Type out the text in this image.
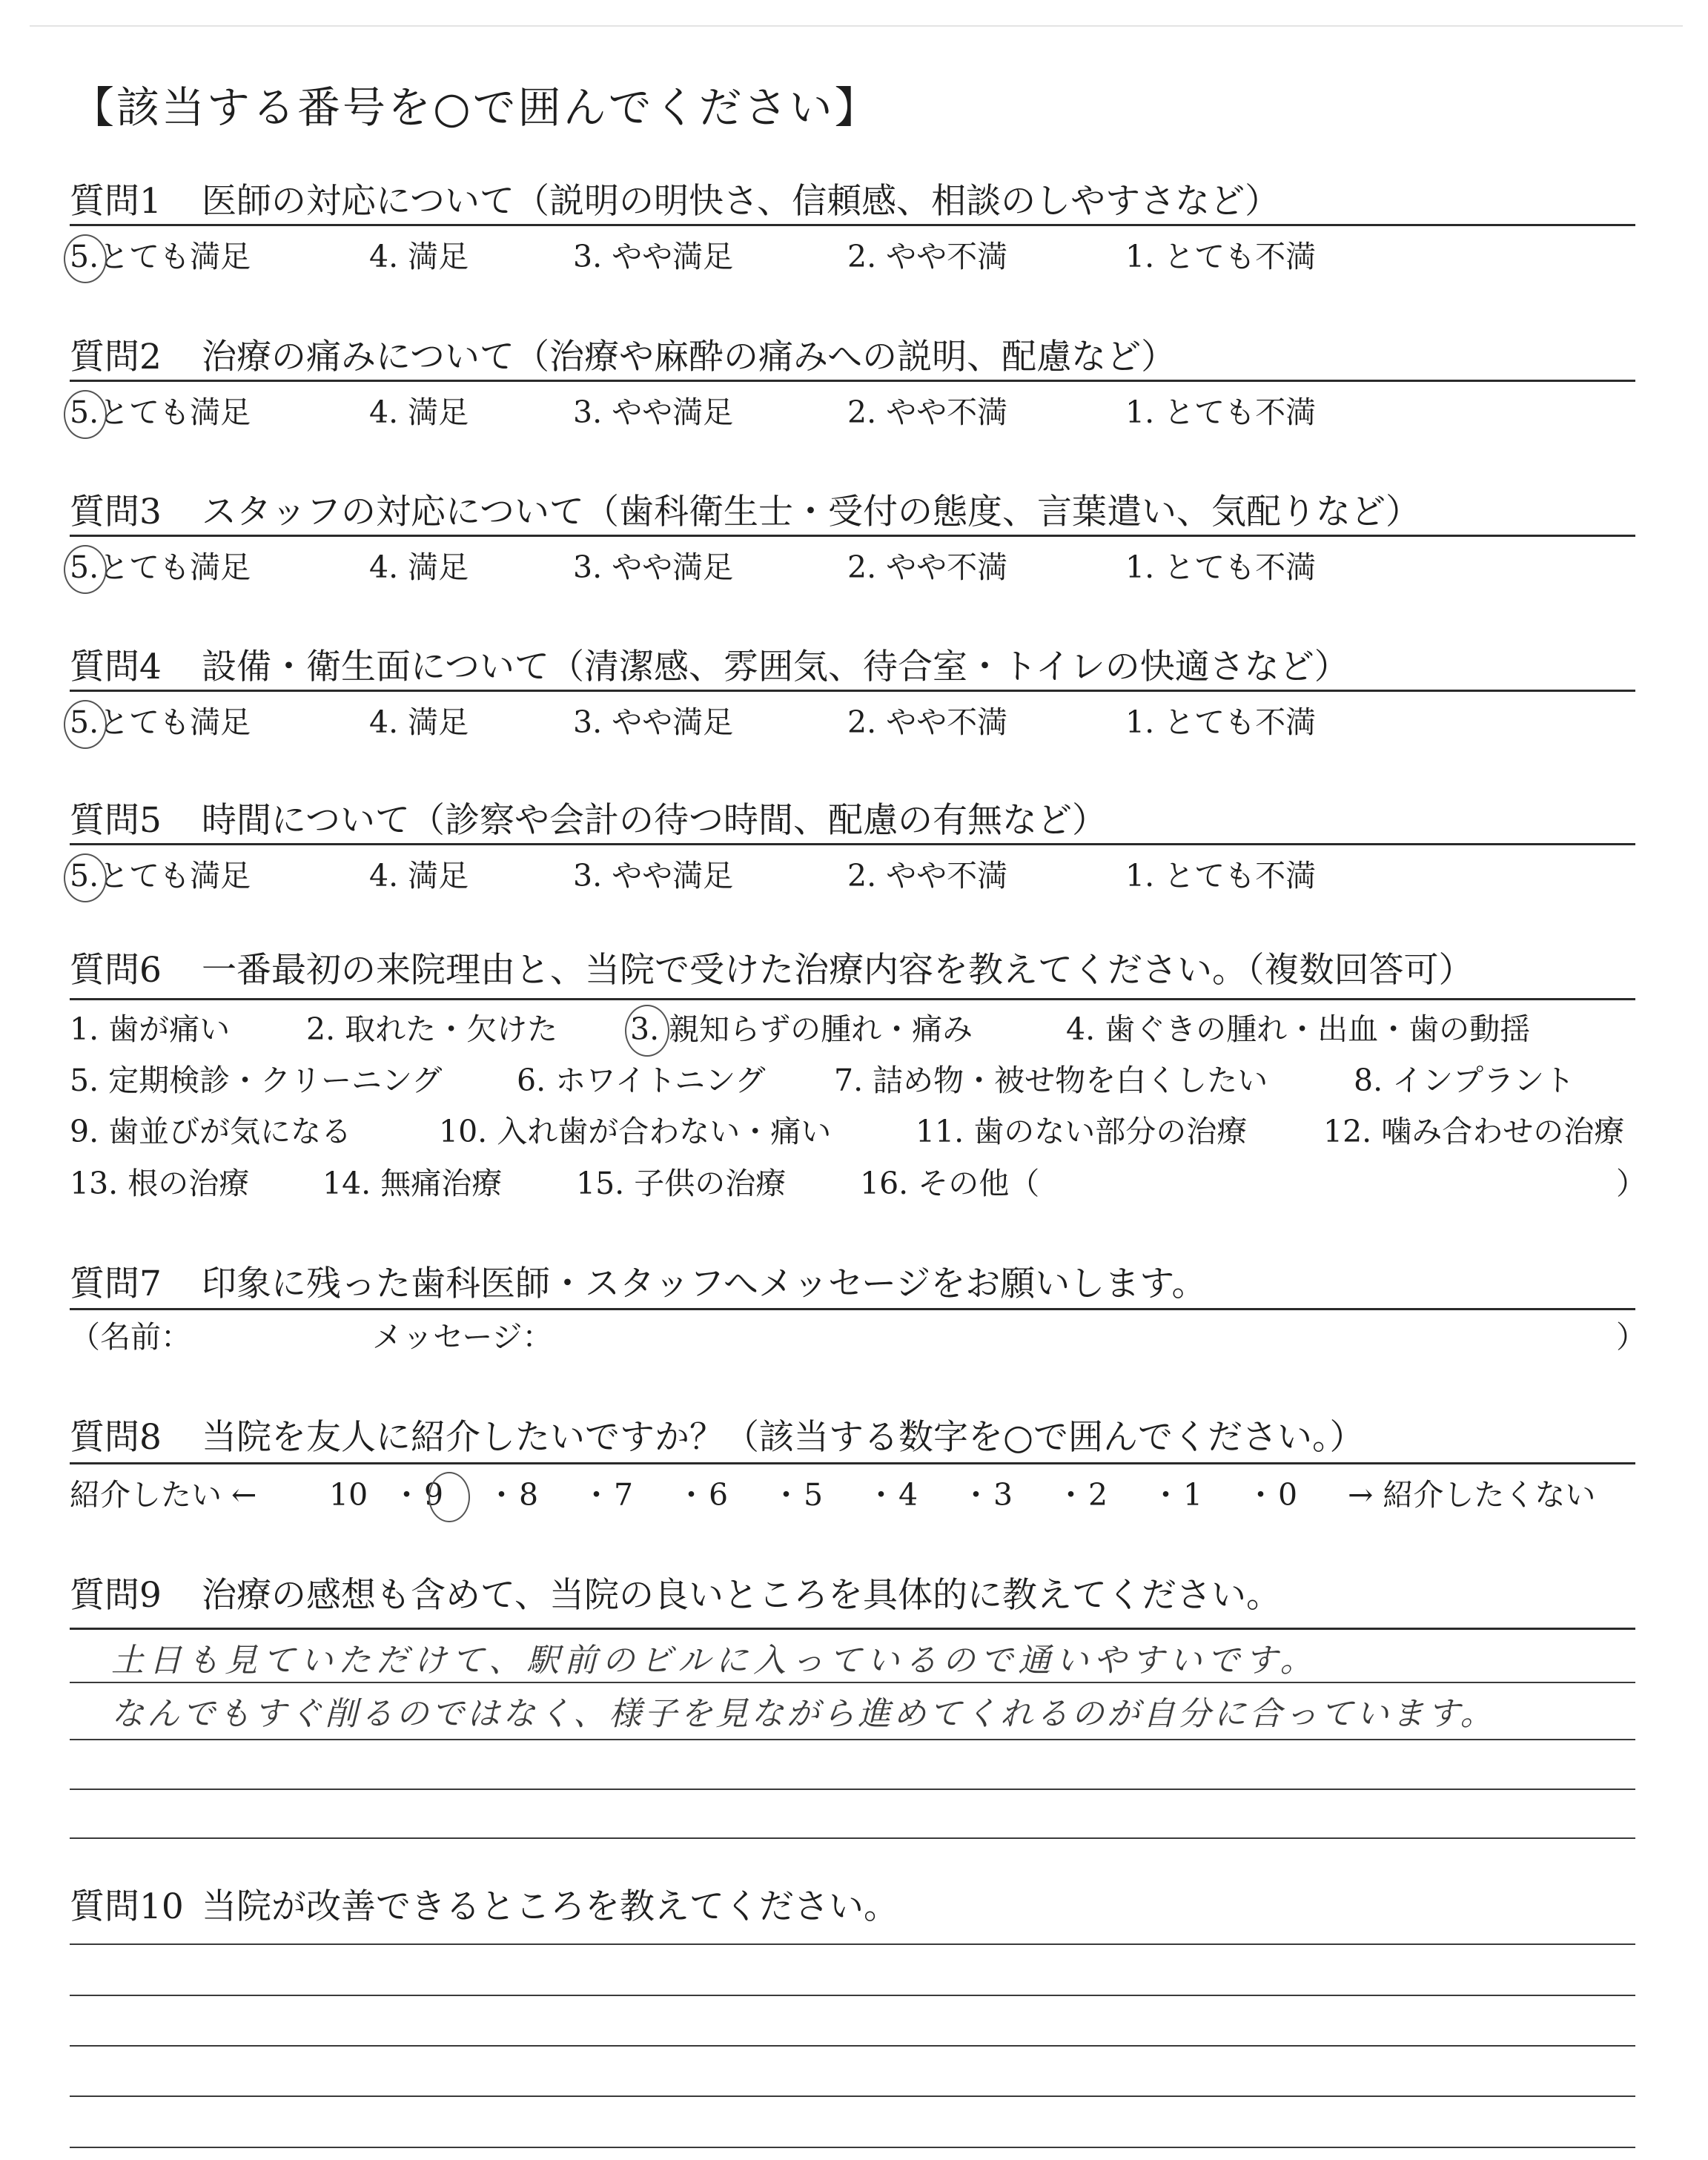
【該当する番号を○で囲んでください】
質問1 医師の対応について（説明の明快さ、信頼感、相談のしやすさなど）
5.とても満足	4. 満足	3. やや満足	2. やや不満	1. とても不満
質問2 治療の痛みについて（治療や麻酔の痛みへの説明、配慮など）
5.とても満足	4. 満足	3. やや満足	2. やや不満	1. とても不満
質問3 スタッフの対応について（歯科衛生士・受付の態度、言葉遣い、気配りなど）
5.とても満足	4. 満足	3. やや満足	2. やや不満	1. とても不満
質問4 設備・衛生面について（清潔感、雰囲気、待合室・トイレの快適さなど）
5.とても満足	4. 満足	3. やや満足	2. やや不満	1. とても不満
質問5 時間について（診察や会計の待つ時間、配慮の有無など）
5.とても満足	4. 満足	3. やや満足	2. やや不満	1. とても不満
質問6 一番最初の来院理由と、当院で受けた治療内容を教えてください。（複数回答可）
1. 歯が痛い	2. 取れた・欠けた 3. 親知らずの腫れ・痛み	4. 歯ぐきの腫れ・出血・歯の動揺
5. 定期検診・クリーニング 6. ホワイトニング 7. 詰め物・被せ物を白くしたい	8. インプラント
9. 歯並びが気になる	10. 入れ歯が合わない・痛い	11. 歯のない部分の治療	12. 噛み合わせの治療
13. 根の治療 14. 無痛治療 15. 子供の治療 16. その他（	）
質問7 印象に残った歯科医師・スタッフへメッセージをお願いします。
（名前：	メッセージ：	）
質問8 当院を友人に紹介したいですか？（該当する数字を○で囲んでください。）
紹介したい ← 10 ・ 9 ・ 8 ・ 7 ・ 6 ・ 5 ・ 4 ・ 3 ・ 2 ・ 1 ・ 0 → 紹介したくない
質問9 治療の感想も含めて、当院の良いところを具体的に教えてください。
土日も見ていただけて、駅前のビルに入っているので通いやすいです。
なんでもすぐ削るのではなく、様子を見ながら進めてくれるのが自分に合っています。
質問10 当院が改善できるところを教えてください。
